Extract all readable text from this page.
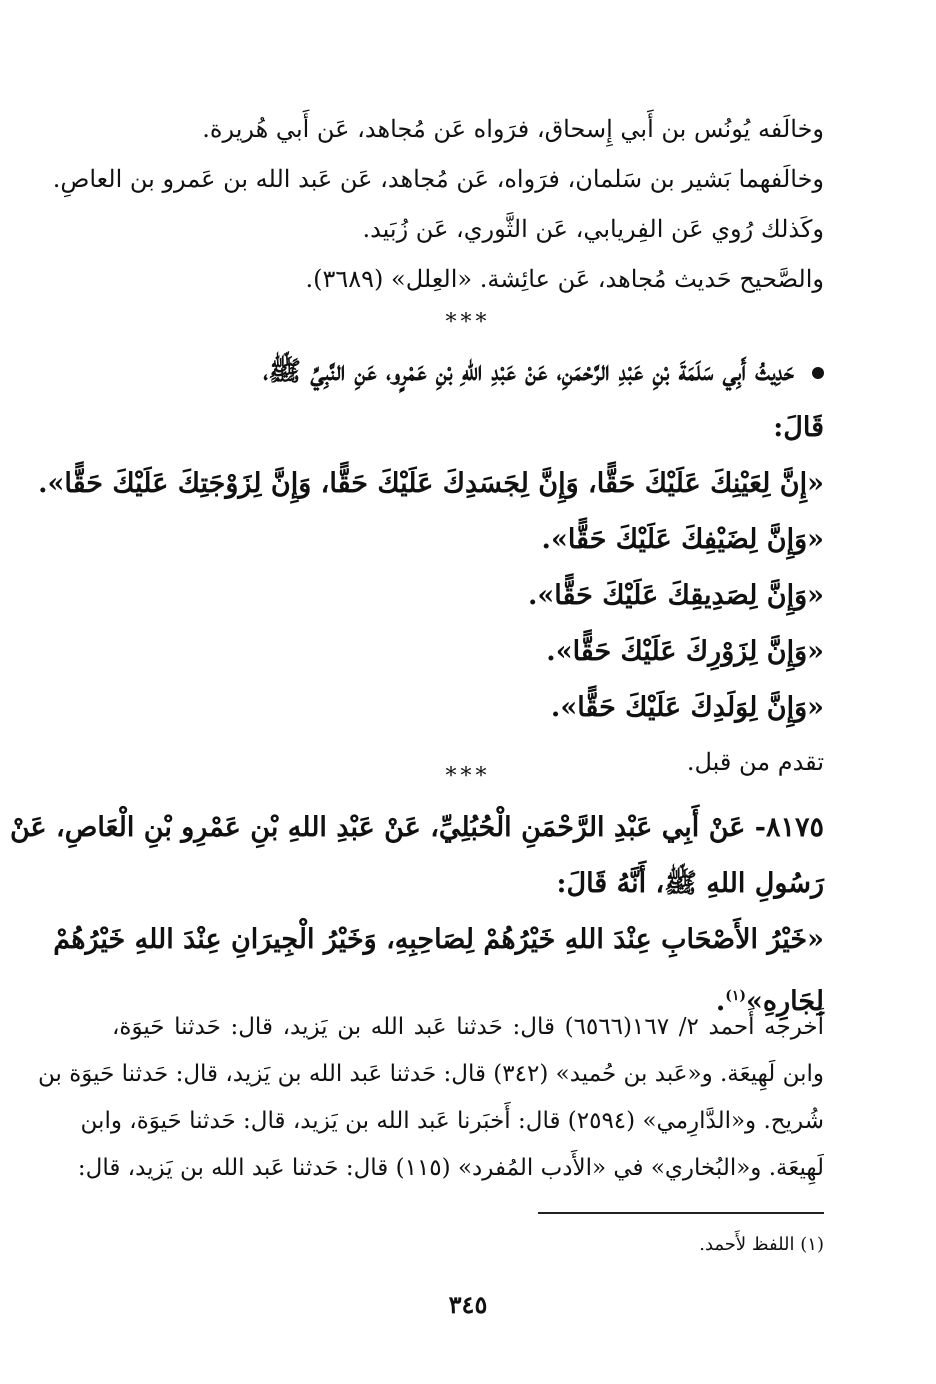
وخالَفه يُونُس بن أَبي إِسحاق، فرَواه عَن مُجاهد، عَن أَبي هُريرة.
وخالَفهما بَشير بن سَلمان، فرَواه، عَن مُجاهد، عَن عَبد الله بن عَمرو بن العاصِ.
وكَذلك رُوي عَن الفِريابي، عَن الثَّوري، عَن زُبَيد.
والصَّحيح حَديث مُجاهد، عَن عائِشة. «العِلل» (٣٦٨٩).
***
حَدِيثُ أَبِي سَلَمَةَ بْنِ عَبْدِ الرَّحْمَنِ، عَنْ عَبْدِ اللهِ بْنِ عَمْرٍو، عَنِ النَّبِيِّ ﷺ،
قَالَ:
«إِنَّ لِعَيْنِكَ عَلَيْكَ حَقًّا، وَإِنَّ لِجَسَدِكَ عَلَيْكَ حَقًّا، وَإِنَّ لِزَوْجَتِكَ عَلَيْكَ حَقًّا».
«وَإِنَّ لِضَيْفِكَ عَلَيْكَ حَقًّا».
«وَإِنَّ لِصَدِيقِكَ عَلَيْكَ حَقًّا».
«وَإِنَّ لِزَوْرِكَ عَلَيْكَ حَقًّا».
«وَإِنَّ لِوَلَدِكَ عَلَيْكَ حَقًّا».
تقدم من قبل.
***
٨١٧٥- عَنْ أَبِي عَبْدِ الرَّحْمَنِ الْحُبُلِيِّ، عَنْ عَبْدِ اللهِ بْنِ عَمْرِو بْنِ الْعَاصِ، عَنْ
رَسُولِ اللهِ ﷺ، أَنَّهُ قَالَ:
«خَيْرُ الأَصْحَابِ عِنْدَ اللهِ خَيْرُهُمْ لِصَاحِبِهِ، وَخَيْرُ الْجِيرَانِ عِنْدَ اللهِ خَيْرُهُمْ
لِجَارِهِ»$^{(١)}$.
أَخرجه أَحمد ٢/ ١٦٧(٦٥٦٦) قال: حَدثنا عَبد الله بن يَزيد، قال: حَدثنا حَيوَة،
وابن لَهِيعَة. و«عَبد بن حُميد» (٣٤٢) قال: حَدثنا عَبد الله بن يَزيد، قال: حَدثنا حَيوَة بن
شُريح. و«الدَّارِمي» (٢٥٩٤) قال: أَخبَرنا عَبد الله بن يَزيد، قال: حَدثنا حَيوَة، وابن
لَهِيعَة. و«البُخاري» في «الأَدب المُفرد» (١١٥) قال: حَدثنا عَبد الله بن يَزيد، قال:
(١) اللفظ لأَحمد.
٣٤٥
